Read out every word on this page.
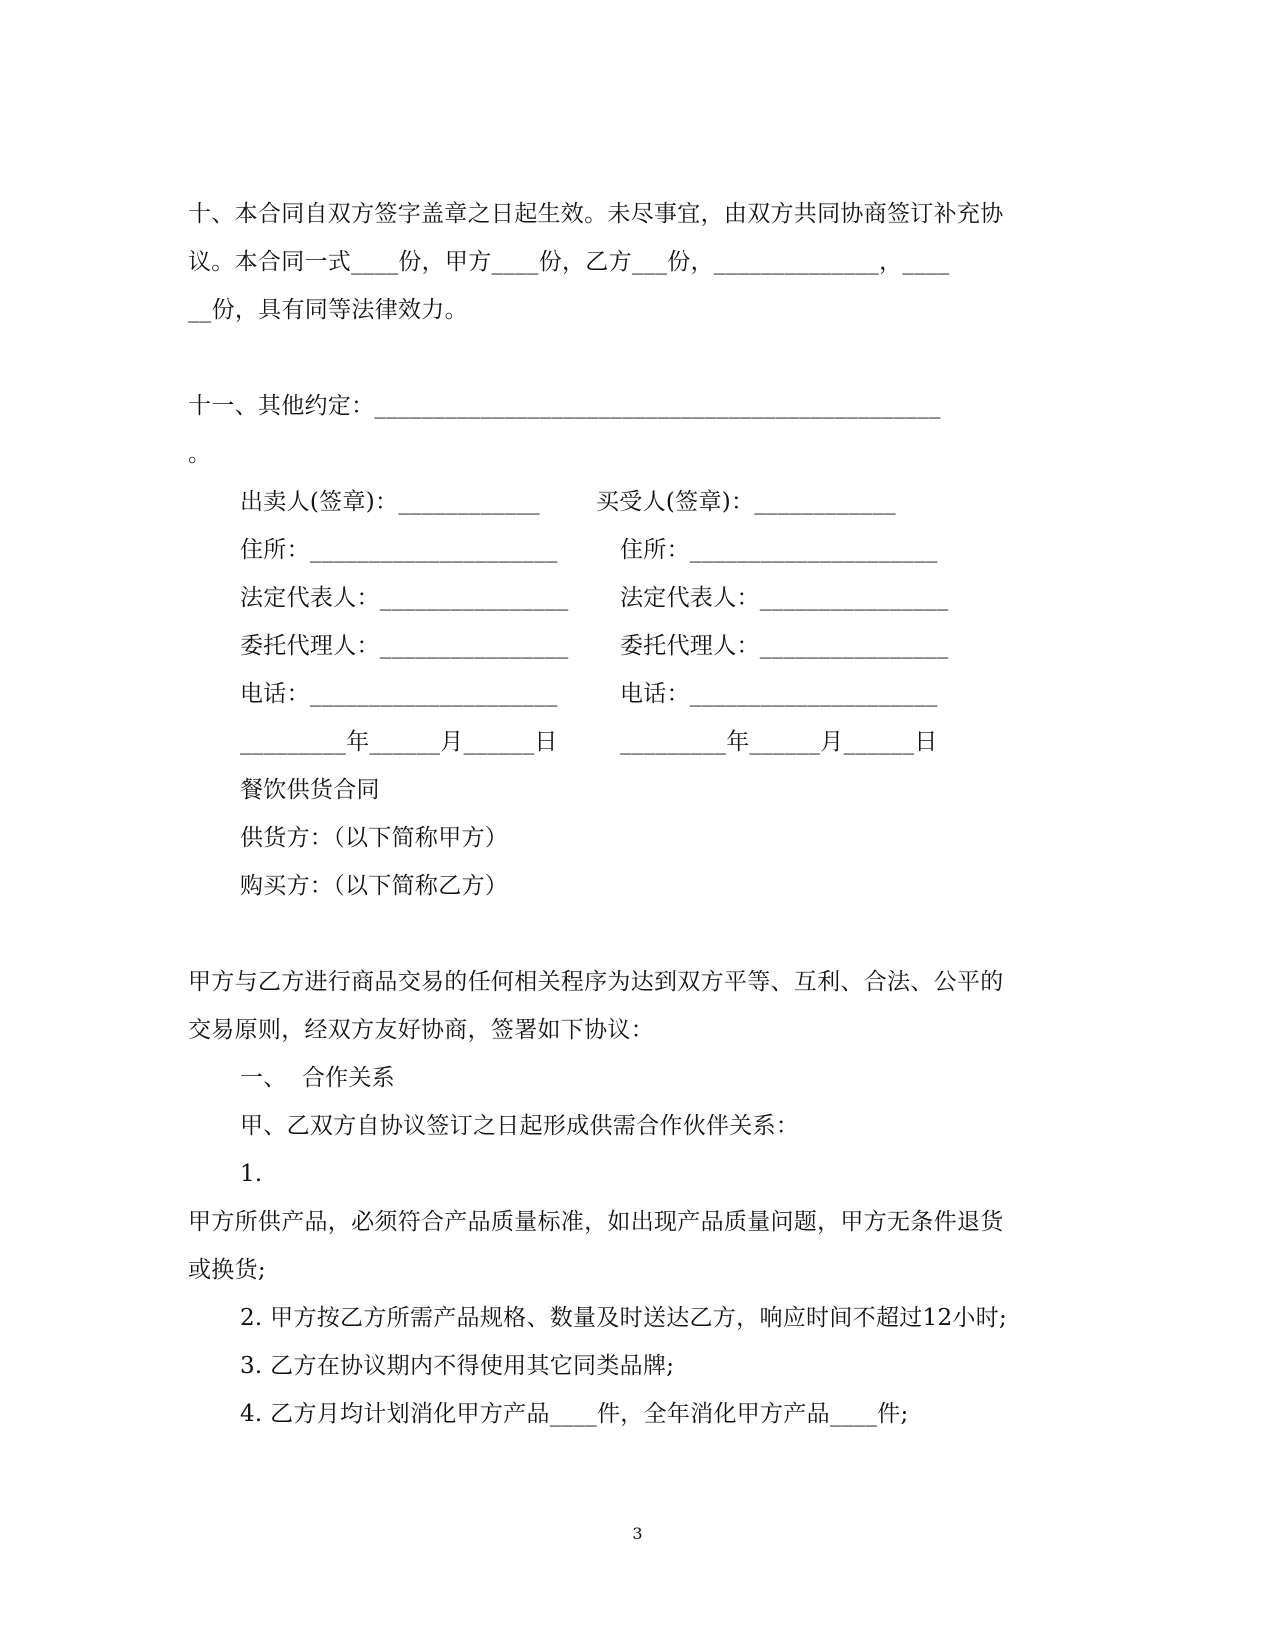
十、本合同自双方签字盖章之日起生效。未尽事宜，由双方共同协商签订补充协
议。本合同一式____份，甲方____份，乙方___份，______________，____
__份，具有同等法律效力。
十一、其他约定：________________________________________________
。
出卖人(签章)：____________ 买受人(签章)：____________
住所：_____________________	住所：_____________________
法定代表人：________________ 法定代表人：________________
委托代理人：________________ 委托代理人：________________
电话：_____________________	电话：_____________________
_________年______月______日	_________年______月______日
餐饮供货合同
供货方：（以下简称甲方）
购买方：（以下简称乙方）
甲方与乙方进行商品交易的任何相关程序为达到双方平等、互利、合法、公平的
交易原则，经双方友好协商，签署如下协议：
一、  合作关系
甲、乙双方自协议签订之日起形成供需合作伙伴关系：
1.
甲方所供产品，必须符合产品质量标准，如出现产品质量问题，甲方无条件退货
或换货;
2. 甲方按乙方所需产品规格、数量及时送达乙方，响应时间不超过12小时;
3. 乙方在协议期内不得使用其它同类品牌;
4. 乙方月均计划消化甲方产品____件，全年消化甲方产品____件;
3
